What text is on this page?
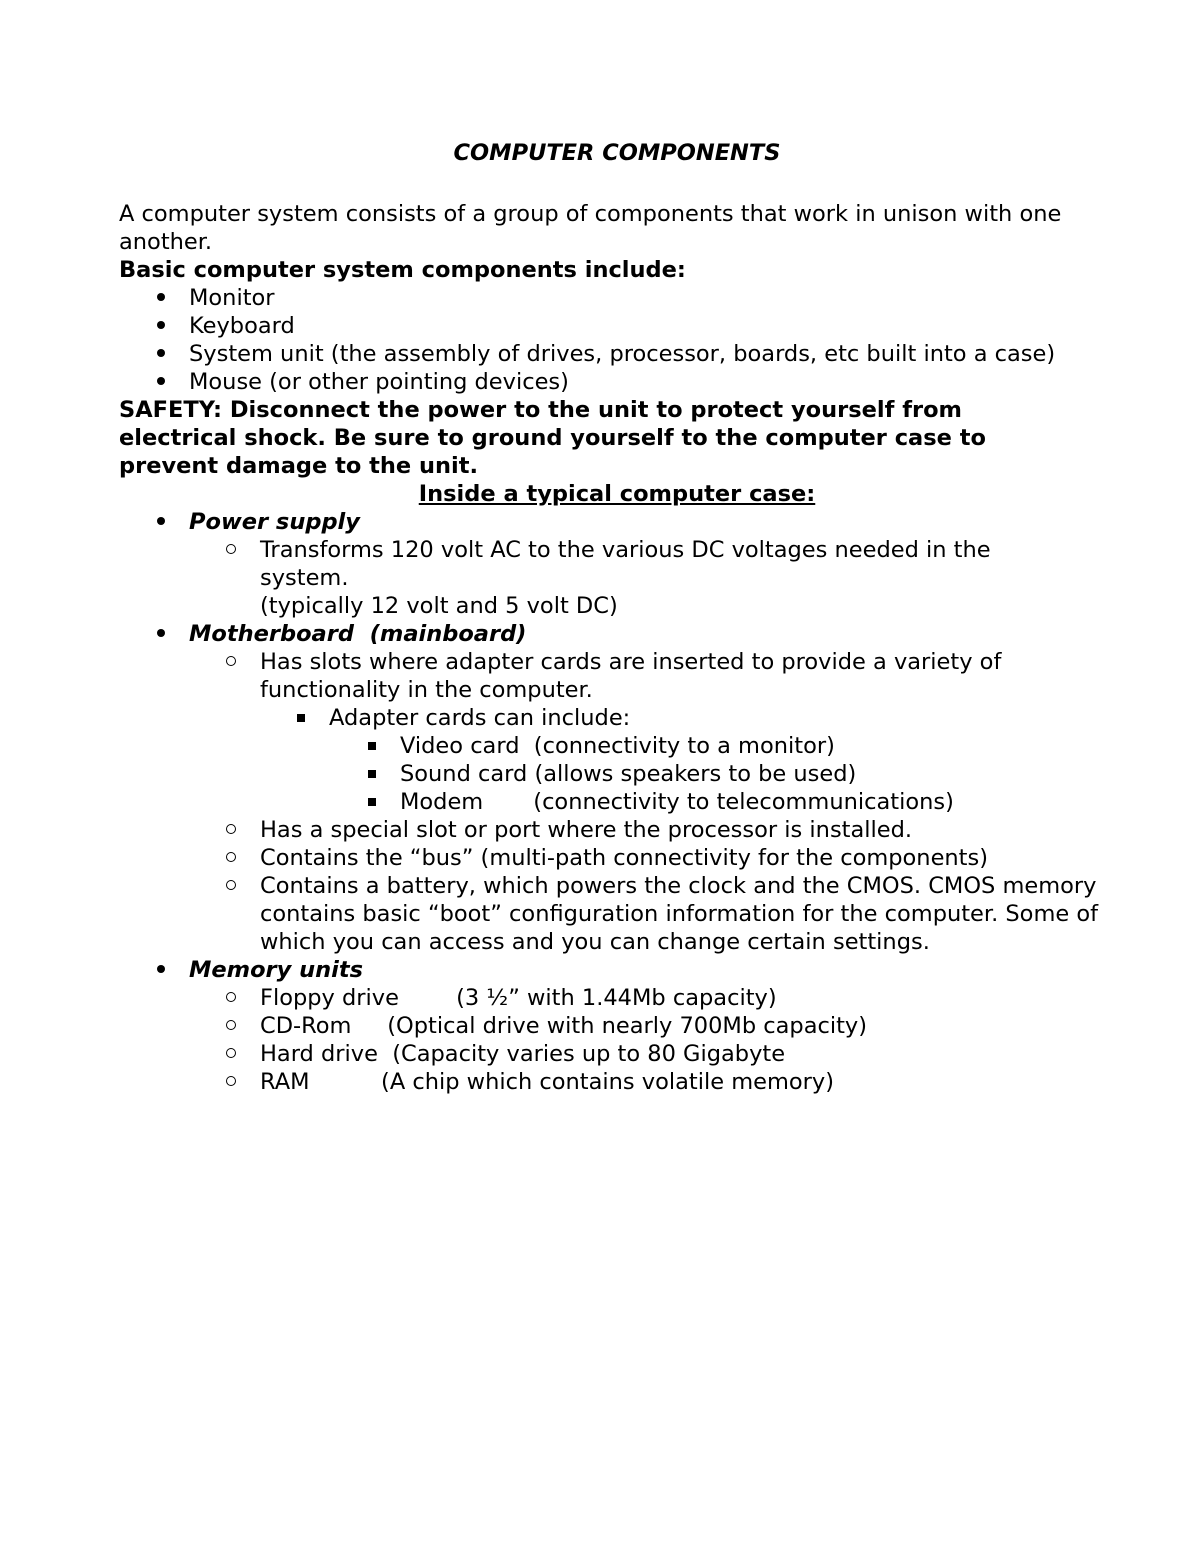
COMPUTER COMPONENTS

A computer system consists of a group of components that work in unison with one another.

Basic computer system components include:

Monitor
Keyboard
System unit (the assembly of drives, processor, boards, etc built into a case)
Mouse (or other pointing devices)

SAFETY: Disconnect the power to the unit to protect yourself from electrical shock. Be sure to ground yourself to the computer case to prevent damage to the unit.

Inside a typical computer case:
Power supply
Transforms 120 volt AC to the various DC voltages needed in the system.
(typically 12 volt and 5 volt DC)
Motherboard  (mainboard)
Has slots where adapter cards are inserted to provide a variety of functionality in the computer.
Adapter cards can include:
Video card  (connectivity to a monitor)
Sound card (allows speakers to be used)
Modem       (connectivity to telecommunications)
Has a special slot or port where the processor is installed.
Contains the “bus” (multi-path connectivity for the components)
Contains a battery, which powers the clock and the CMOS. CMOS memory contains basic “boot” configuration information for the computer. Some of which you can access and you can change certain settings.
Memory units
Floppy drive        (3 ½” with 1.44Mb capacity)
CD-Rom     (Optical drive with nearly 700Mb capacity)
Hard drive  (Capacity varies up to 80 Gigabyte
RAM          (A chip which contains volatile memory)
